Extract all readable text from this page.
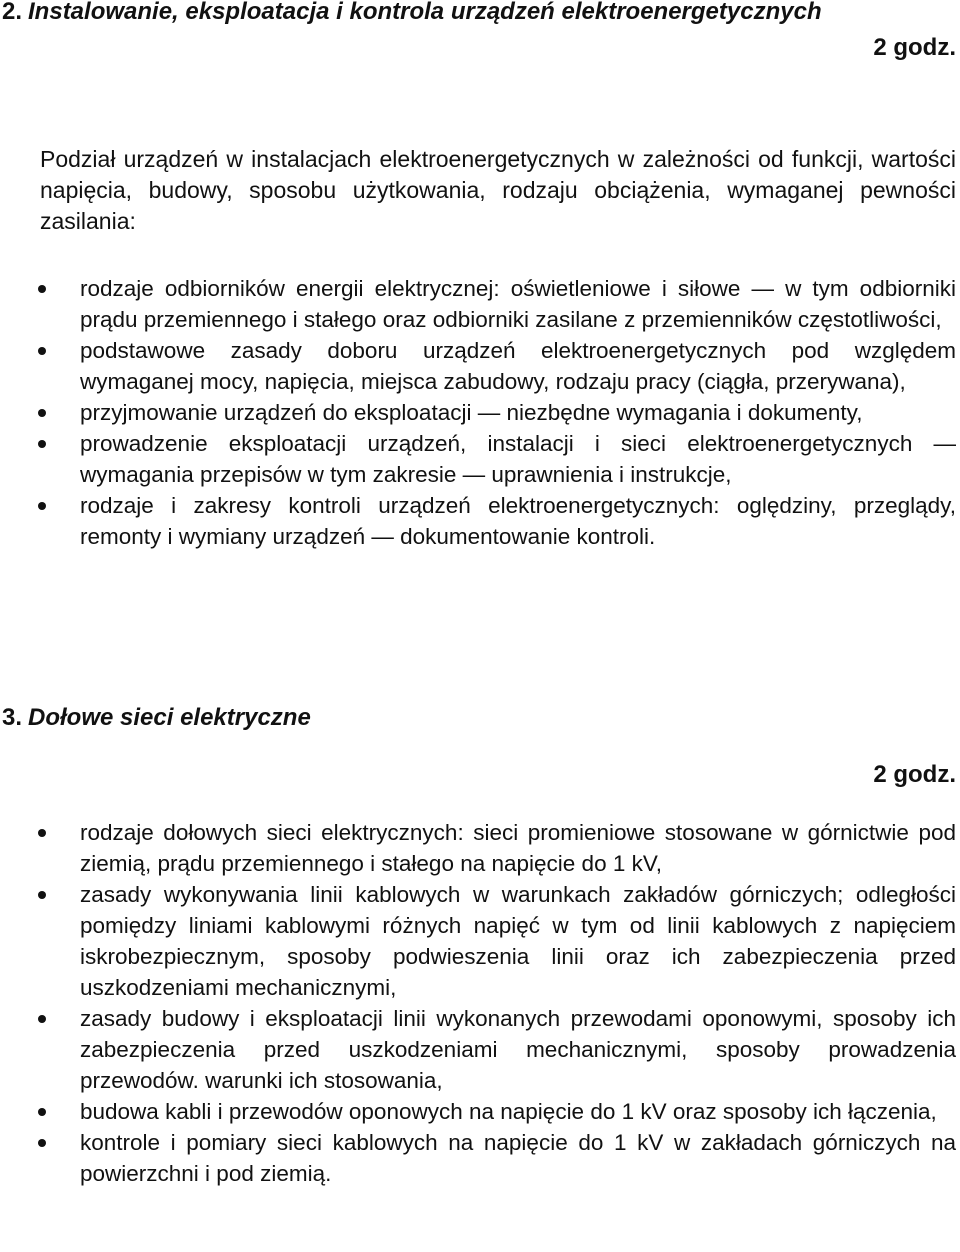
2. Instalowanie, eksploatacja i kontrola urządzeń elektroenergetycznych
2 godz.

Podział urządzeń w instalacjach elektroenergetycznych w zależności od funkcji, wartości napięcia, budowy, sposobu użytkowania, rodzaju obciążenia, wymaganej pewności zasilania:

rodzaje odbiorników energii elektrycznej: oświetleniowe i siłowe — w tym odbiorniki prądu przemiennego i stałego oraz odbiorniki zasilane z przemienników częstotliwości,
podstawowe zasady doboru urządzeń elektroenergetycznych pod względem wymaganej mocy, napięcia, miejsca zabudowy, rodzaju pracy (ciągła, przerywana),
przyjmowanie urządzeń do eksploatacji — niezbędne wymagania i dokumenty,
prowadzenie eksploatacji urządzeń, instalacji i sieci elektroenergetycznych — wymagania przepisów w tym zakresie — uprawnienia i instrukcje,
rodzaje i zakresy kontroli urządzeń elektroenergetycznych: oględziny, przeglądy, remonty i wymiany urządzeń — dokumentowanie kontroli.
3. Dołowe sieci elektryczne
2 godz.
rodzaje dołowych sieci elektrycznych: sieci promieniowe stosowane w górnictwie pod ziemią, prądu przemiennego i stałego na napięcie do 1 kV,
zasady wykonywania linii kablowych w warunkach zakładów górniczych; odległości pomiędzy liniami kablowymi różnych napięć w tym od linii kablowych z napięciem iskrobezpiecznym, sposoby podwieszenia linii oraz ich zabezpieczenia przed uszkodzeniami mechanicznymi,
zasady budowy i eksploatacji linii wykonanych przewodami oponowymi, sposoby ich zabezpieczenia przed uszkodzeniami mechanicznymi, sposoby prowadzenia przewodów. warunki ich stosowania,
budowa kabli i przewodów oponowych na napięcie do 1 kV oraz sposoby ich łączenia,
kontrole i pomiary sieci kablowych na napięcie do 1 kV w zakładach górniczych na powierzchni i pod ziemią.
